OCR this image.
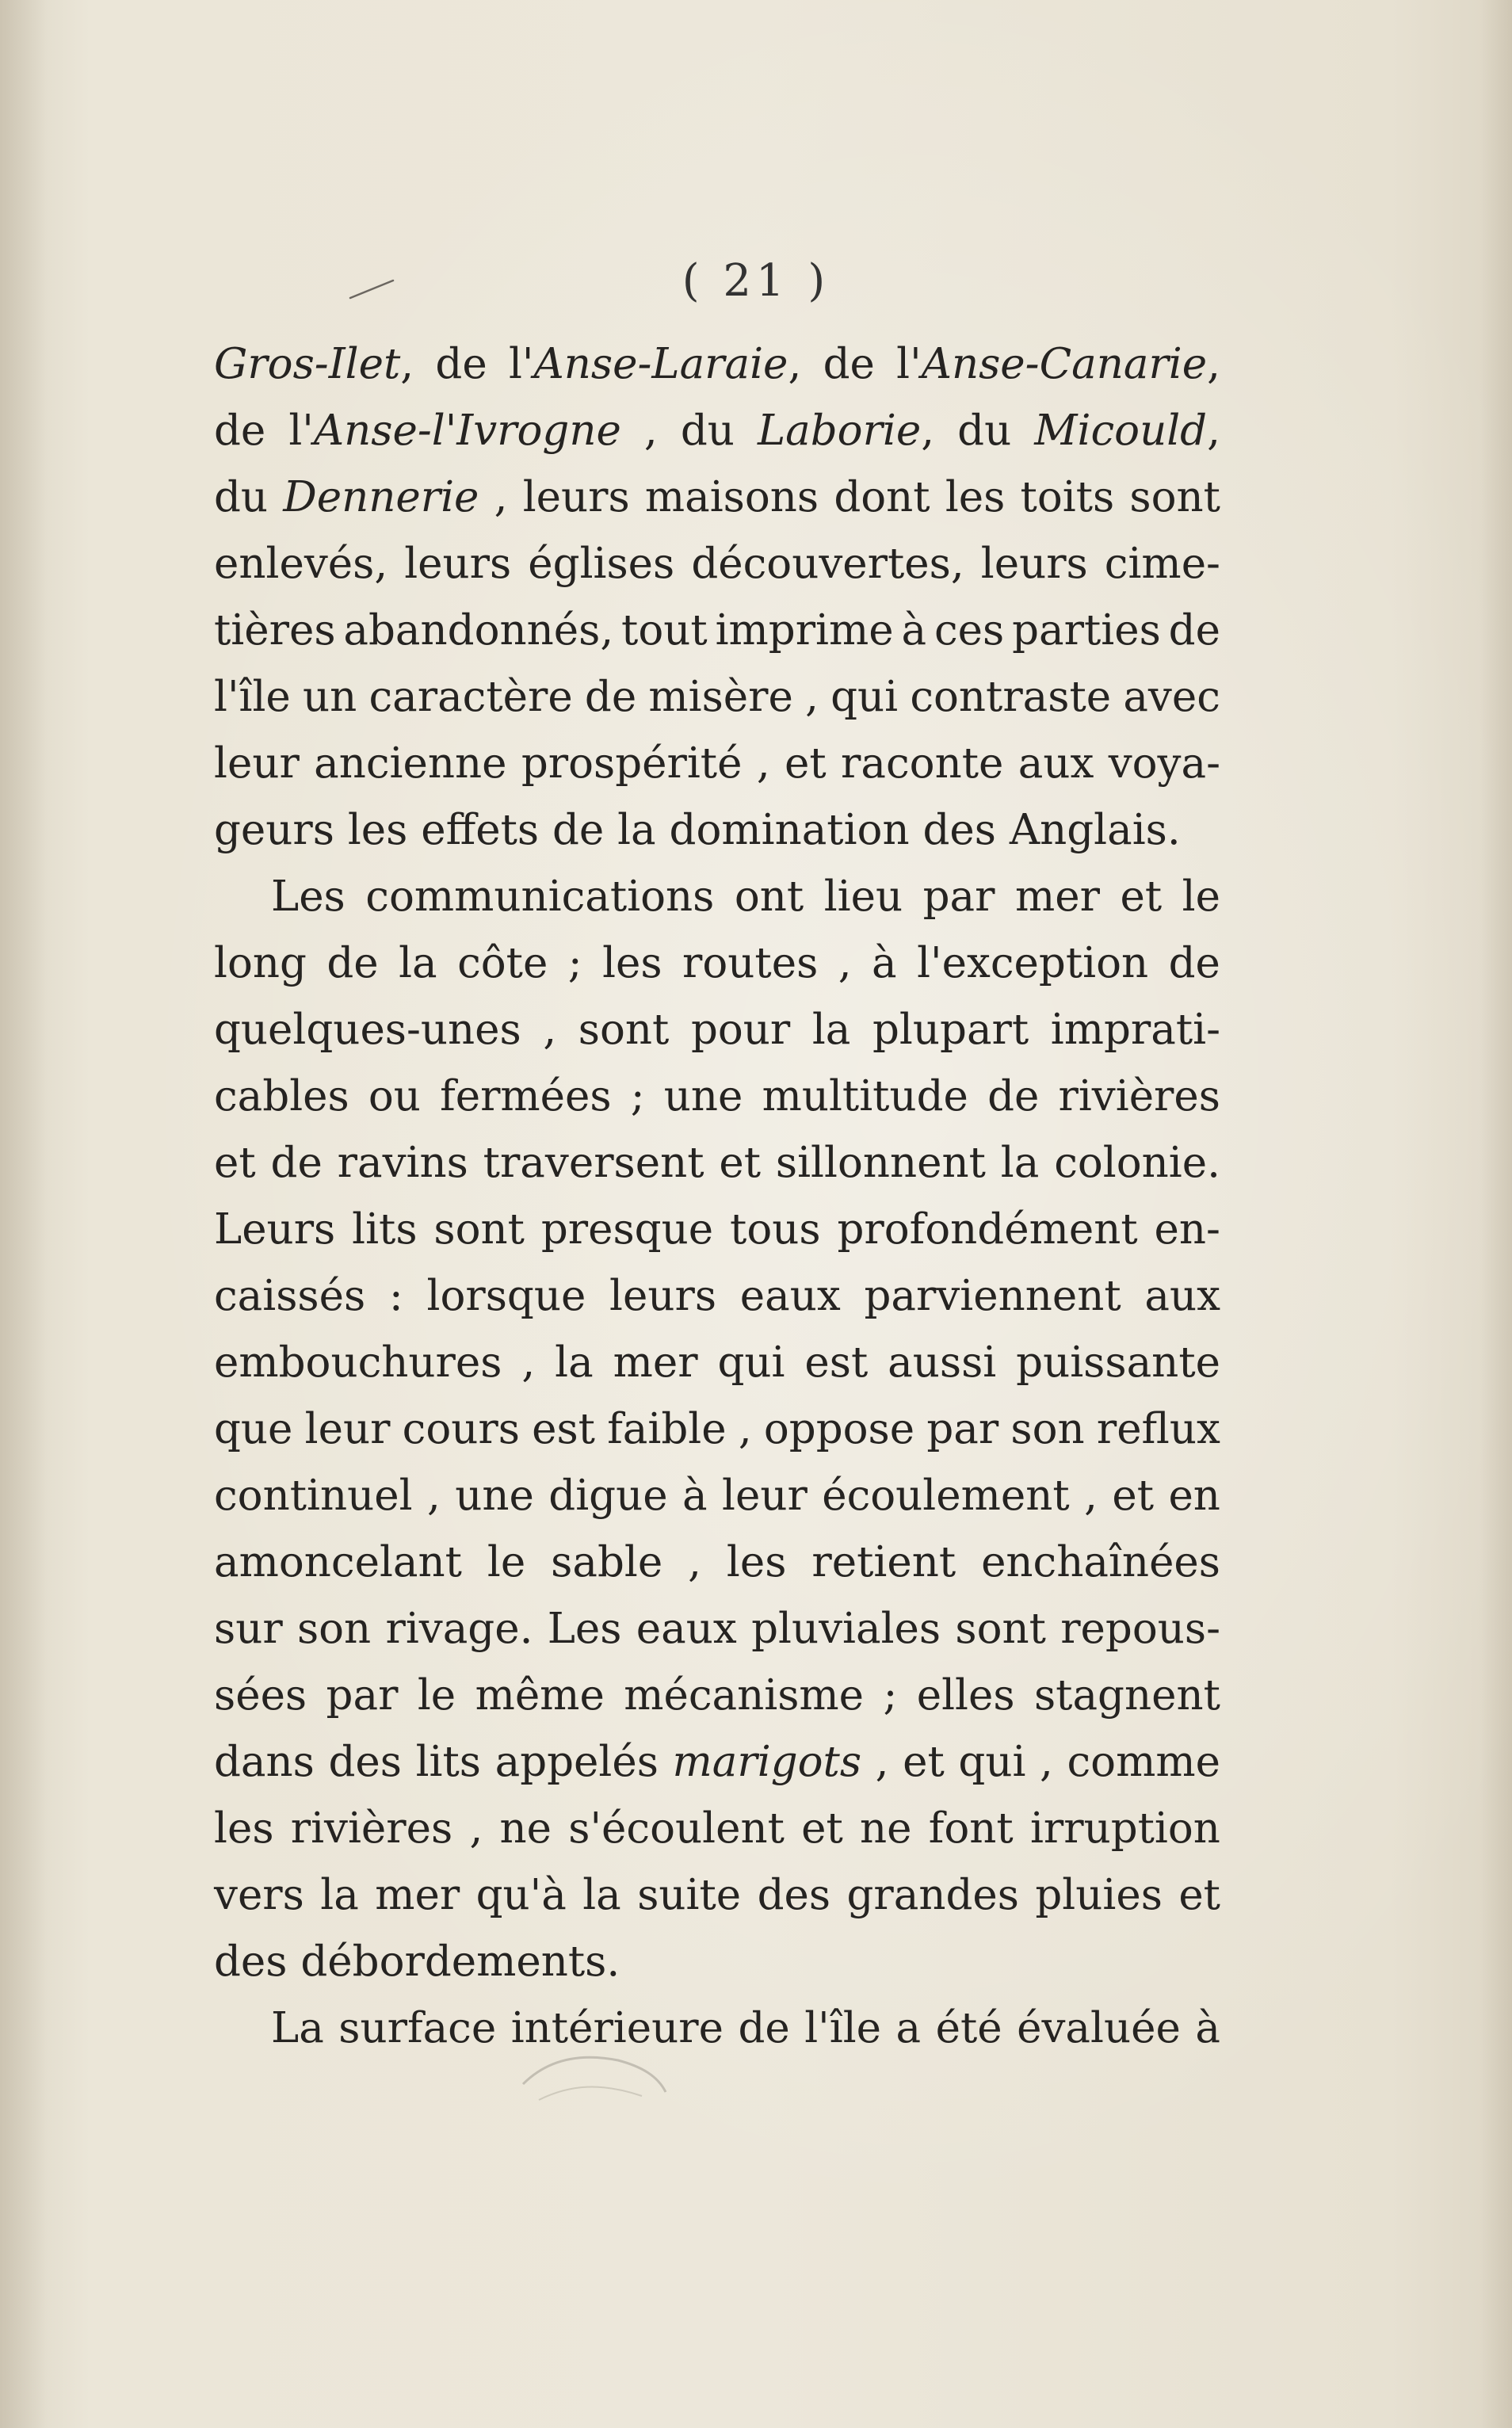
( 21 )
Gros-Ilet, de l'Anse-Laraie, de l'Anse-Canarie,
de l'Anse-l'Ivrogne , du Laborie, du Micould,
du Dennerie , leurs maisons dont les toits sont
enlevés, leurs églises découvertes, leurs cime-
tières abandonnés, tout imprime à ces parties de
l'île un caractère de misère , qui contraste avec
leur ancienne prospérité , et raconte aux voya-
geurs
les
effets
de
la
domination
des
Anglais.
Les communications ont lieu par mer et le
long de la côte ; les routes , à l'exception de
quelques-unes , sont pour la plupart imprati-
cables ou fermées ; une multitude de rivières
et de ravins traversent et sillonnent la colonie.
Leurs lits sont presque tous profondément en-
caissés : lorsque leurs eaux parviennent aux
embouchures , la mer qui est aussi puissante
que leur cours est faible , oppose par son reflux
continuel , une digue à leur écoulement , et en
amoncelant le sable , les retient enchaînées
sur son rivage. Les eaux pluviales sont repous-
sées par le même mécanisme ; elles stagnent
dans des lits appelés marigots , et qui , comme
les rivières , ne s'écoulent et ne font irruption
vers la mer qu'à la suite des grandes pluies et
des
débordements.
La surface intérieure de l'île a été évaluée à
